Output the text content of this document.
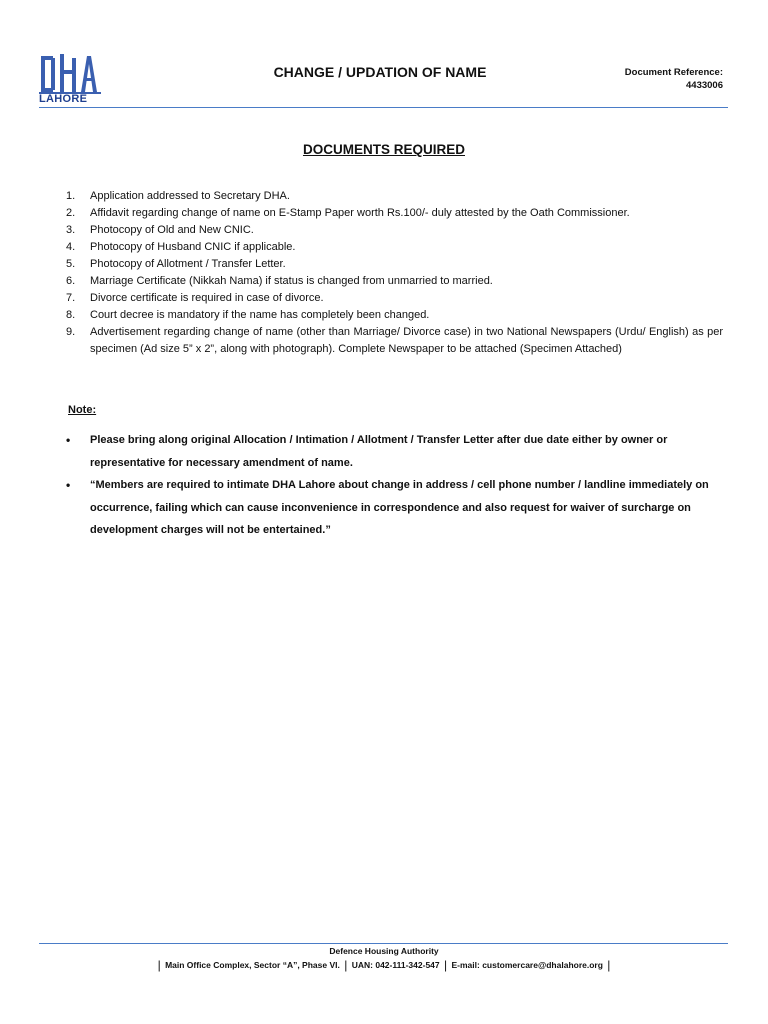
LAHORE
CHANGE / UPDATION OF NAME	Document Reference:
4433006
DOCUMENTS REQUIRED
1.	Application addressed to Secretary DHA.
2.	Affidavit regarding change of name on E-Stamp Paper worth Rs.100/- duly attested by the Oath Commissioner.
3.	Photocopy of Old and New CNIC.
4.	Photocopy of Husband CNIC if applicable.
5.	Photocopy of Allotment / Transfer Letter.
6.	Marriage Certificate (Nikkah Nama) if status is changed from unmarried to married.
7.	Divorce certificate is required in case of divorce.
8.	Court decree is mandatory if the name has completely been changed.
9.	Advertisement regarding change of name (other than Marriage/ Divorce case) in two National Newspapers (Urdu/ English) as per specimen (Ad size 5” x 2”, along with photograph). Complete Newspaper to be attached (Specimen Attached)
Note:
•	Please bring along original Allocation / Intimation / Allotment / Transfer Letter after due date either by owner or representative for necessary amendment of name.
•	“Members are required to intimate DHA Lahore about change in address / cell phone number / landline immediately on occurrence, failing which can cause inconvenience in correspondence and also request for waiver of surcharge on development charges will not be entertained.”
Defence Housing Authority
| Main Office Complex, Sector “A”, Phase VI. | UAN: 042-111-342-547 | E-mail: customercare@dhalahore.org |
